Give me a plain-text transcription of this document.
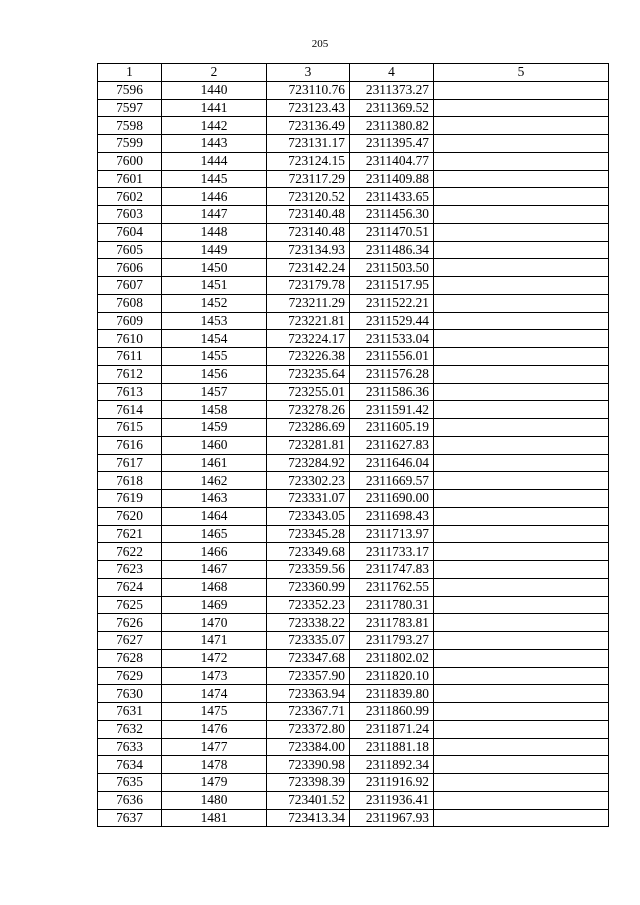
205
1	2	3	4	5
7596	1440	723110.76	2311373.27	
7597	1441	723123.43	2311369.52	
7598	1442	723136.49	2311380.82	
7599	1443	723131.17	2311395.47	
7600	1444	723124.15	2311404.77	
7601	1445	723117.29	2311409.88	
7602	1446	723120.52	2311433.65	
7603	1447	723140.48	2311456.30	
7604	1448	723140.48	2311470.51	
7605	1449	723134.93	2311486.34	
7606	1450	723142.24	2311503.50	
7607	1451	723179.78	2311517.95	
7608	1452	723211.29	2311522.21	
7609	1453	723221.81	2311529.44	
7610	1454	723224.17	2311533.04	
7611	1455	723226.38	2311556.01	
7612	1456	723235.64	2311576.28	
7613	1457	723255.01	2311586.36	
7614	1458	723278.26	2311591.42	
7615	1459	723286.69	2311605.19	
7616	1460	723281.81	2311627.83	
7617	1461	723284.92	2311646.04	
7618	1462	723302.23	2311669.57	
7619	1463	723331.07	2311690.00	
7620	1464	723343.05	2311698.43	
7621	1465	723345.28	2311713.97	
7622	1466	723349.68	2311733.17	
7623	1467	723359.56	2311747.83	
7624	1468	723360.99	2311762.55	
7625	1469	723352.23	2311780.31	
7626	1470	723338.22	2311783.81	
7627	1471	723335.07	2311793.27	
7628	1472	723347.68	2311802.02	
7629	1473	723357.90	2311820.10	
7630	1474	723363.94	2311839.80	
7631	1475	723367.71	2311860.99	
7632	1476	723372.80	2311871.24	
7633	1477	723384.00	2311881.18	
7634	1478	723390.98	2311892.34	
7635	1479	723398.39	2311916.92	
7636	1480	723401.52	2311936.41	
7637	1481	723413.34	2311967.93	
